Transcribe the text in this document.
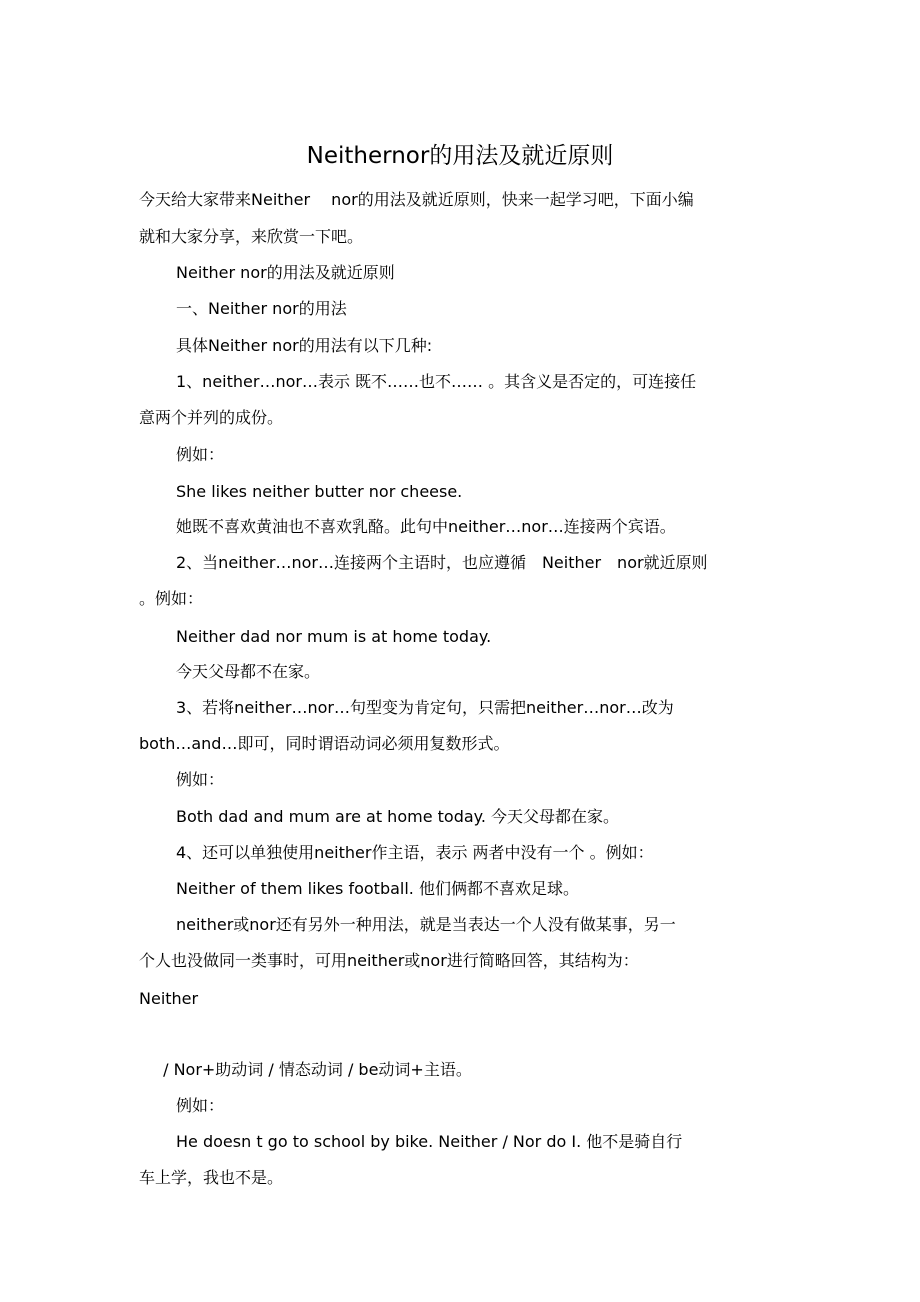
Neithernor的用法及就近原则

今天给大家带来Neither　 nor的用法及就近原则，快来一起学习吧，下面小编

就和大家分享，来欣赏一下吧。

Neither nor的用法及就近原则

一、Neither nor的用法

具体Neither nor的用法有以下几种:

1、neither…nor…表示 既不……也不…… 。其含义是否定的，可连接任

意两个并列的成份。

例如：

She likes neither butter nor cheese.

她既不喜欢黄油也不喜欢乳酪。此句中neither…nor…连接两个宾语。

2、当neither…nor…连接两个主语时，也应遵循　Neither　nor就近原则

。例如：

Neither dad nor mum is at home today.

今天父母都不在家。

3、若将neither…nor…句型变为肯定句，只需把neither…nor…改为

both…and…即可，同时谓语动词必须用复数形式。

例如：

Both dad and mum are at home today. 今天父母都在家。

4、还可以单独使用neither作主语，表示 两者中没有一个 。例如：

Neither of them likes football. 他们俩都不喜欢足球。

neither或nor还有另外一种用法，就是当表达一个人没有做某事，另一

个人也没做同一类事时，可用neither或nor进行简略回答，其结构为：

Neither

/ Nor+助动词 / 情态动词 / be动词+主语。

例如：

He doesn t go to school by bike. Neither / Nor do I. 他不是骑自行

车上学，我也不是。
